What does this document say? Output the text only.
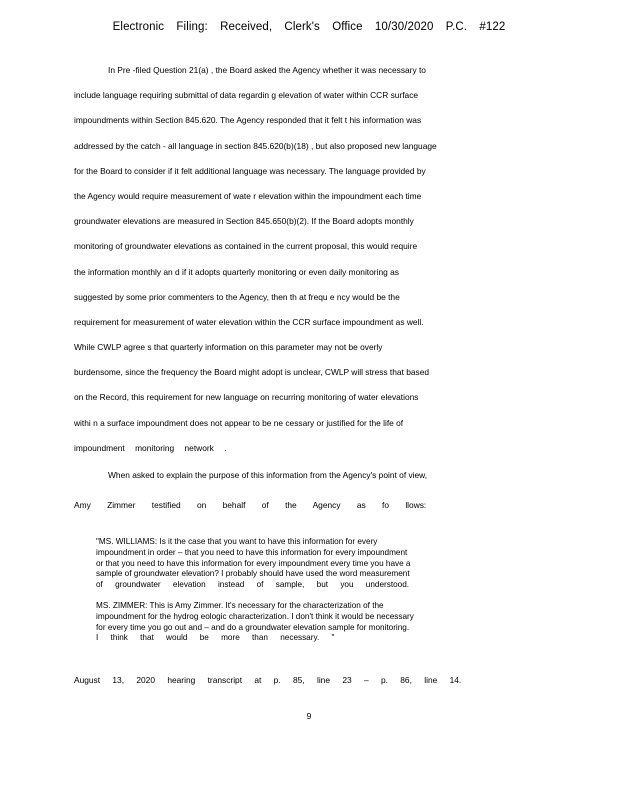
Electronic Filing: Received, Clerk's Office 10/30/2020 P.C. #122
In Pre -filed Question 21(a) , the Board asked the Agency whether it was necessary to
include language requiring submittal of data regardin g elevation of water within CCR surface
impoundments within Section 845.620. The Agency responded that it felt t his information was
addressed by the catch - all language in section 845.620(b)(18) , but also proposed new language
for the Board to consider if it felt additional language was necessary. The language provided by
the Agency would require measurement of wate r elevation within the impoundment each time
groundwater elevations are measured in Section 845.650(b)(2). If the Board adopts monthly
monitoring of groundwater elevations as contained in the current proposal, this would require
the information monthly an d if it adopts quarterly monitoring or even daily monitoring as
suggested by some prior commenters to the Agency, then th at frequ e ncy would be the
requirement for measurement of water elevation within the CCR surface impoundment as well.
While CWLP agree s that quarterly information on this parameter may not be overly
burdensome, since the frequency the Board might adopt is unclear, CWLP will stress that based
on the Record, this requirement for new language on recurring monitoring of water elevations
withi n a surface impoundment does not appear to be ne cessary or justified for the life of
impoundment monitoring network .
When asked to explain the purpose of this information from the Agency's point of view,
Amy Zimmer testified on behalf of the Agency as fo llows:
"MS. WILLIAMS: Is it the case that you want to have this information for every
impoundment in order – that you need to have this information for every impoundment
or that you need to have this information for every impoundment every time you have a
sample of groundwater elevation? I probably should have used the word measurement
of groundwater elevation instead of sample, but you understood.
MS. ZIMMER: This is Amy Zimmer. It's necessary for the characterization of the
impoundment for the hydrog eologic characterization. I don't think it would be necessary
for every time you go out and – and do a groundwater elevation sample for monitoring.
I think that would be more than necessary. "
August 13, 2020 hearing transcript at p. 85, line 23 – p. 86, line 14.
9
